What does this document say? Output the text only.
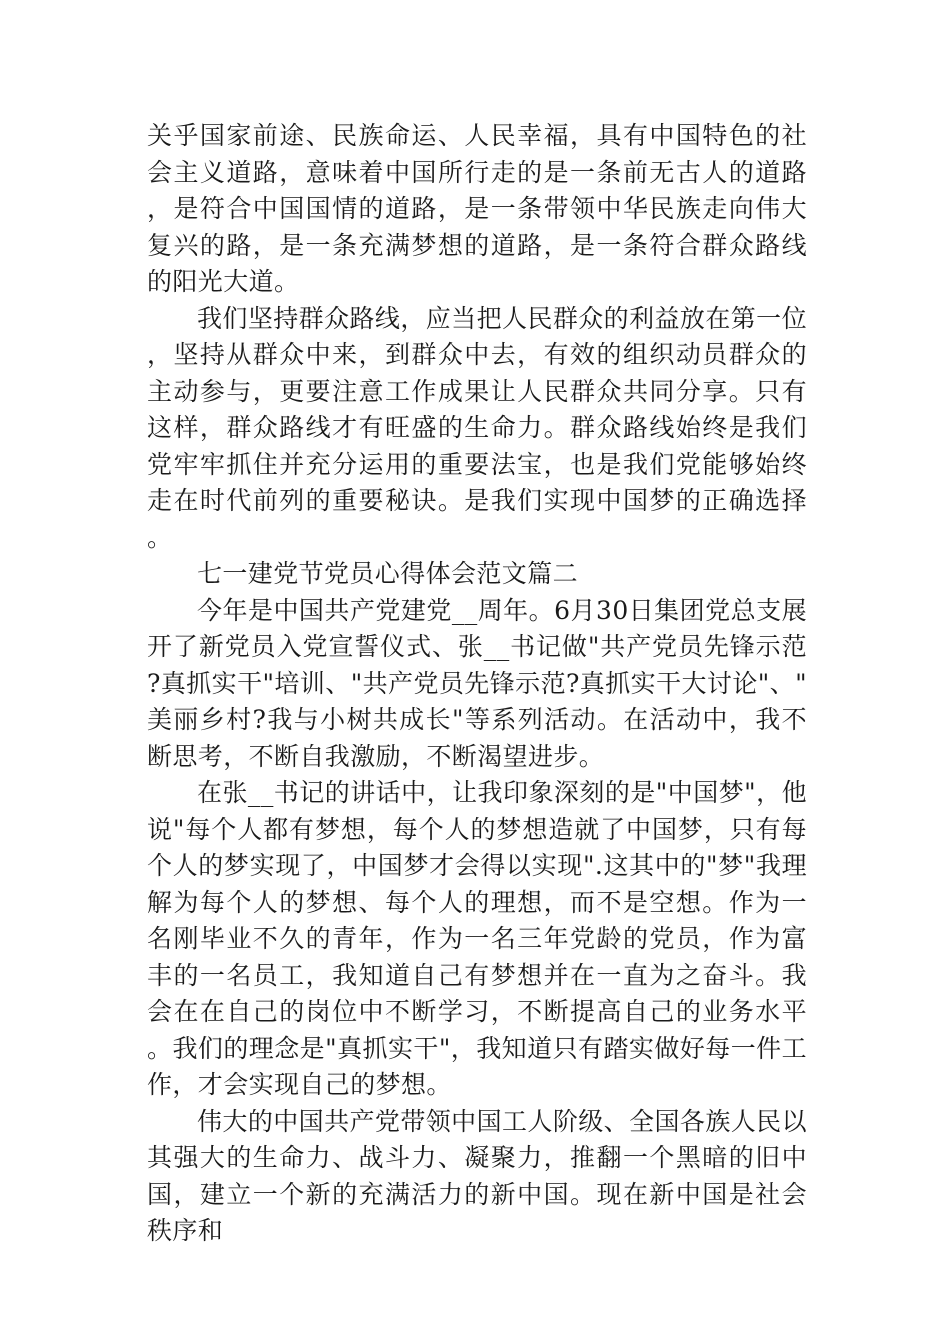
关乎国家前途、民族命运、人民幸福，具有中国特色的社会主义道路，意味着中国所行走的是一条前无古人的道路，是符合中国国情的道路，是一条带领中华民族走向伟大复兴的路，是一条充满梦想的道路，是一条符合群众路线的阳光大道。

我们坚持群众路线，应当把人民群众的利益放在第一位，坚持从群众中来，到群众中去，有效的组织动员群众的主动参与，更要注意工作成果让人民群众共同分享。只有这样，群众路线才有旺盛的生命力。群众路线始终是我们党牢牢抓住并充分运用的重要法宝，也是我们党能够始终走在时代前列的重要秘诀。是我们实现中国梦的正确选择。

七一建党节党员心得体会范文篇二

今年是中国共产党建党__周年。6月30日集团党总支展开了新党员入党宣誓仪式、张__书记做"共产党员先锋示范?真抓实干"培训、"共产党员先锋示范?真抓实干大讨论"、"美丽乡村?我与小树共成长"等系列活动。在活动中，我不断思考，不断自我激励，不断渴望进步。

在张__书记的讲话中，让我印象深刻的是"中国梦"，他说"每个人都有梦想，每个人的梦想造就了中国梦，只有每个人的梦实现了，中国梦才会得以实现".这其中的"梦"我理解为每个人的梦想、每个人的理想，而不是空想。作为一名刚毕业不久的青年，作为一名三年党龄的党员，作为富丰的一名员工，我知道自己有梦想并在一直为之奋斗。我会在在自己的岗位中不断学习，不断提高自己的业务水平。我们的理念是"真抓实干"，我知道只有踏实做好每一件工作，才会实现自己的梦想。

伟大的中国共产党带领中国工人阶级、全国各族人民以其强大的生命力、战斗力、凝聚力，推翻一个黑暗的旧中国，建立一个新的充满活力的新中国。现在新中国是社会秩序和
